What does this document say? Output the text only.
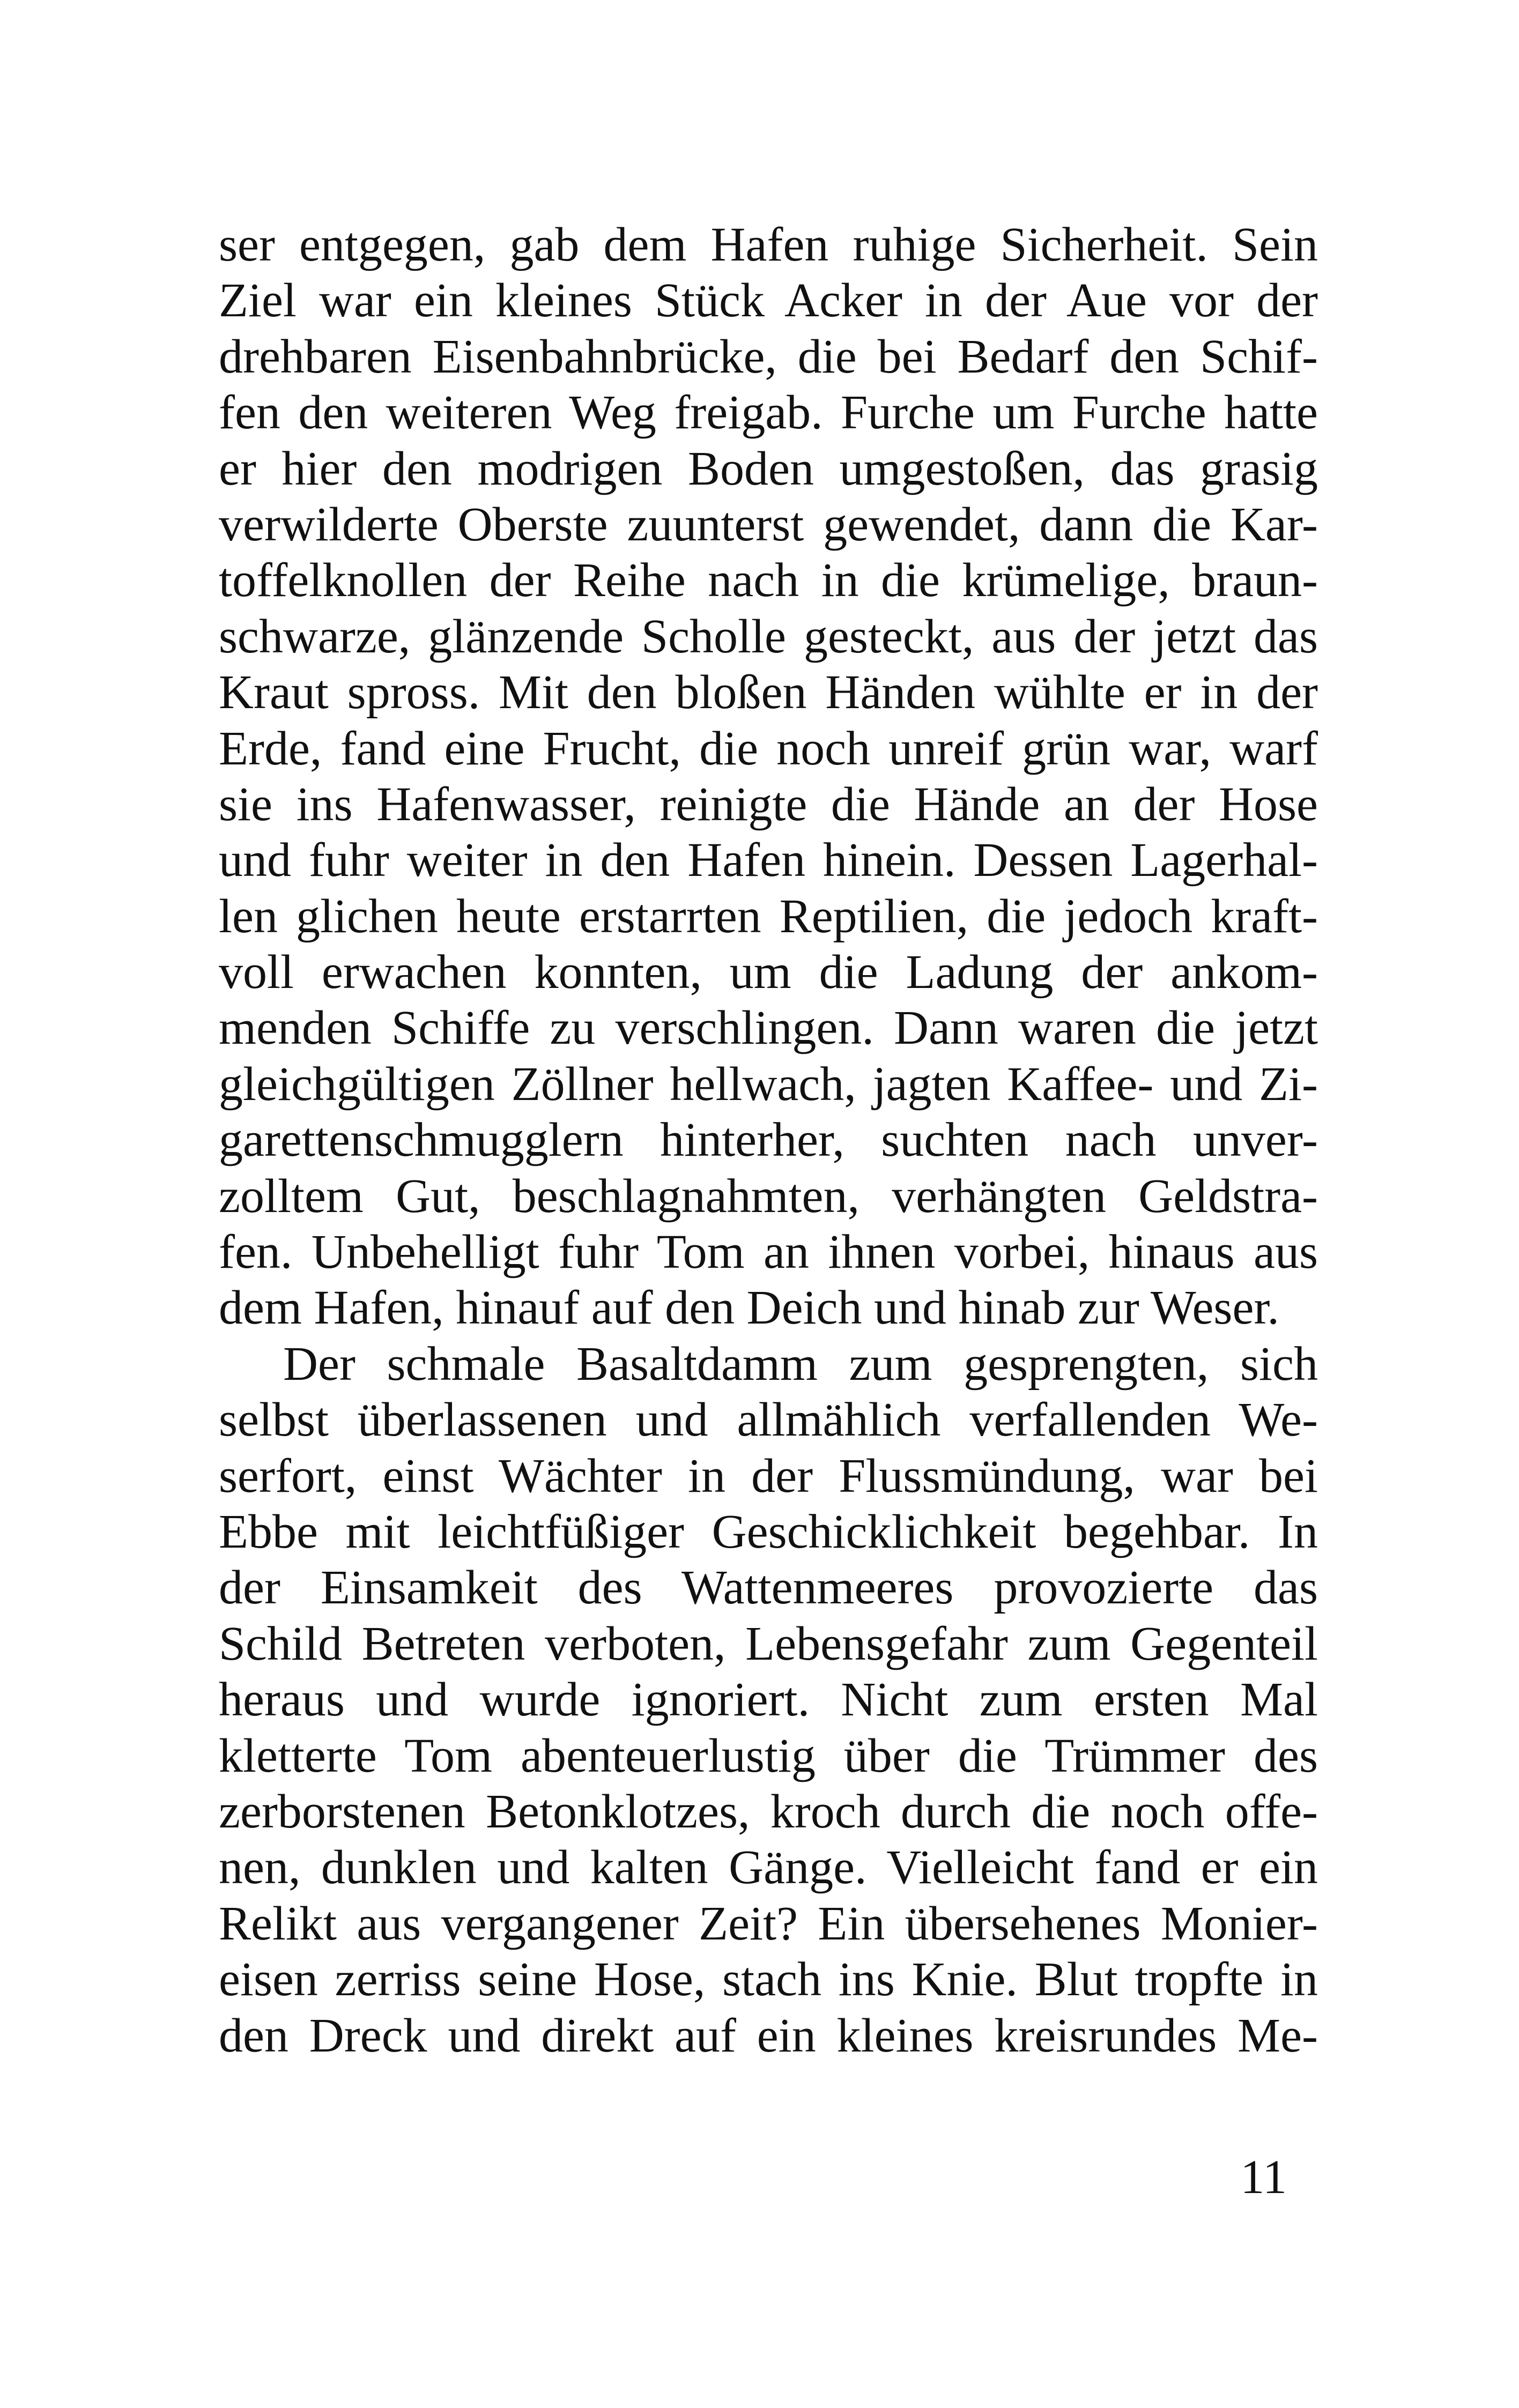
ser entgegen, gab dem Hafen ruhige Sicherheit. Sein
Ziel war ein kleines Stück Acker in der Aue vor der
drehbaren Eisenbahnbrücke, die bei Bedarf den Schif-
fen den weiteren Weg freigab. Furche um Furche hatte
er hier den modrigen Boden umgestoßen, das grasig
verwilderte Oberste zuunterst gewendet, dann die Kar-
toffelknollen der Reihe nach in die krümelige, braun-
schwarze, glänzende Scholle gesteckt, aus der jetzt das
Kraut spross. Mit den bloßen Händen wühlte er in der
Erde, fand eine Frucht, die noch unreif grün war, warf
sie ins Hafenwasser, reinigte die Hände an der Hose
und fuhr weiter in den Hafen hinein. Dessen Lagerhal-
len glichen heute erstarrten Reptilien, die jedoch kraft-
voll erwachen konnten, um die Ladung der ankom-
menden Schiffe zu verschlingen. Dann waren die jetzt
gleichgültigen Zöllner hellwach, jagten Kaffee- und Zi-
garettenschmugglern hinterher, suchten nach unver-
zolltem Gut, beschlagnahmten, verhängten Geldstra-
fen. Unbehelligt fuhr Tom an ihnen vorbei, hinaus aus
dem Hafen, hinauf auf den Deich und hinab zur Weser.
Der schmale Basaltdamm zum gesprengten, sich
selbst überlassenen und allmählich verfallenden We-
serfort, einst Wächter in der Flussmündung, war bei
Ebbe mit leichtfüßiger Geschicklichkeit begehbar. In
der Einsamkeit des Wattenmeeres provozierte das
Schild Betreten verboten, Lebensgefahr zum Gegenteil
heraus und wurde ignoriert. Nicht zum ersten Mal
kletterte Tom abenteuerlustig über die Trümmer des
zerborstenen Betonklotzes, kroch durch die noch offe-
nen, dunklen und kalten Gänge. Vielleicht fand er ein
Relikt aus vergangener Zeit? Ein übersehenes Monier-
eisen zerriss seine Hose, stach ins Knie. Blut tropfte in
den Dreck und direkt auf ein kleines kreisrundes Me-
11
